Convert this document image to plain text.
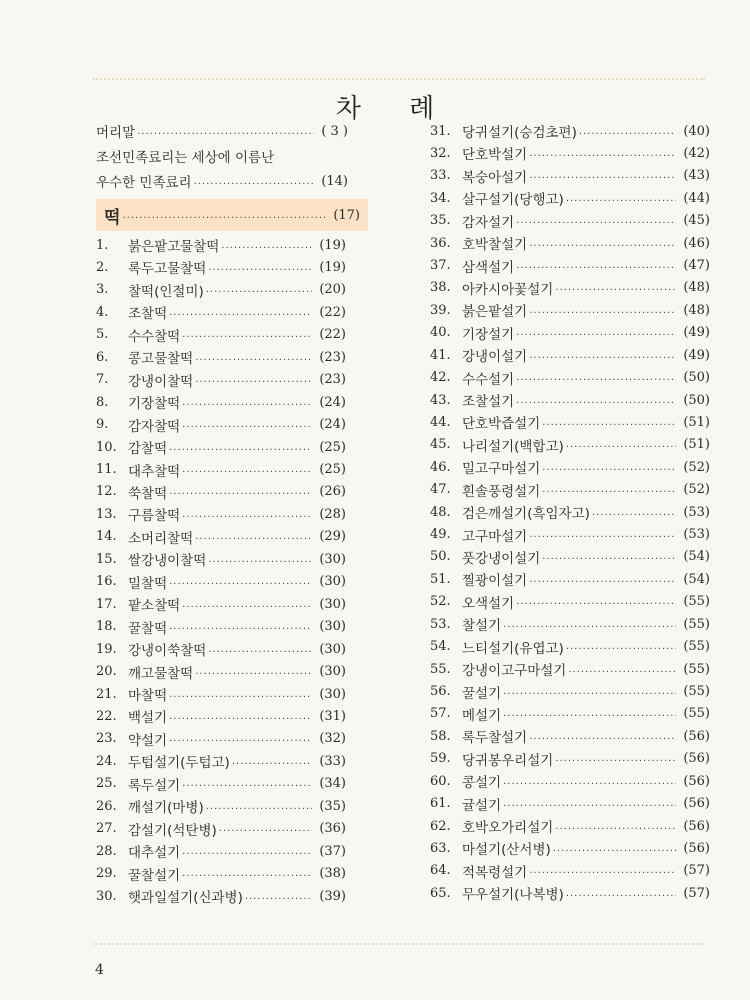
차 례
머리말 .....	( 3 )
조선민족료리는 세상에 이름난
우수한 민족료리 .....	(14)
떡 .....	(17)
1.	붉은팥고물찰떡 .....	(19)
2.	록두고물찰떡 .....	(19)
3.	찰떡(인절미) .....	(20)
4.	조찰떡 .....	(22)
5.	수수찰떡 .....	(22)
6.	콩고물찰떡 .....	(23)
7.	강냉이찰떡 .....	(23)
8.	기장찰떡 .....	(24)
9.	감자찰떡 .....	(24)
10. 감찰떡 .....	(25)
11. 대추찰떡 .....	(25)
12. 쑥찰떡 .....	(26)
13. 구름찰떡 .....	(28)
14. 소머리찰떡 .....	(29)
15. 쌀강냉이찰떡 .....	(30)
16. 밀찰떡 .....	(30)
17. 팥소찰떡 .....	(30)
18. 꿀찰떡 .....	(30)
19. 강냉이쑥찰떡 .....	(30)
20. 깨고물찰떡 .....	(30)
21. 마찰떡 .....	(30)
22. 백설기 .....	(31)
23. 약설기 .....	(32)
24. 두텁설기(두텁고) .....	(33)
25. 록두설기 .....	(34)
26. 깨설기(마병) .....	(35)
27. 감설기(석탄병) .....	(36)
28. 대추설기 .....	(37)
29. 꿀찰설기 .....	(38)
30. 햇과일설기(신과병) .....	(39)
31. 당귀설기(승검초편) .....	(40)
32. 단호박설기 .....	(42)
33. 복숭아설기 .....	(43)
34. 살구설기(당행고) .....	(44)
35. 감자설기 .....	(45)
36. 호박찰설기 .....	(46)
37. 삼색설기 .....	(47)
38. 아카시아꽃설기 .....	(48)
39. 붉은팥설기 .....	(48)
40. 기장설기 .....	(49)
41. 강냉이설기 .....	(49)
42. 수수설기 .....	(50)
43. 조찰설기 .....	(50)
44. 단호박즙설기 .....	(51)
45. 나리설기(백합고) .....	(51)
46. 밀고구마설기 .....	(52)
47. 흰솔풍령설기 .....	(52)
48. 검은깨설기(흑임자고) .....	(53)
49. 고구마설기 .....	(53)
50. 풋강냉이설기 .....	(54)
51. 찔광이설기 .....	(54)
52. 오색설기 .....	(55)
53. 찰설기 .....	(55)
54. 느티설기(유엽고) .....	(55)
55. 강냉이고구마설기 .....	(55)
56. 꿀설기 .....	(55)
57. 메설기 .....	(55)
58. 록두찰설기 .....	(56)
59. 당귀봉우리설기 .....	(56)
60. 콩설기 .....	(56)
61. 귤설기 .....	(56)
62. 호박오가리설기 .....	(56)
63. 마설기(산서병) .....	(56)
64. 적복령설기 .....	(57)
65. 무우설기(나복병) .....	(57)
4
